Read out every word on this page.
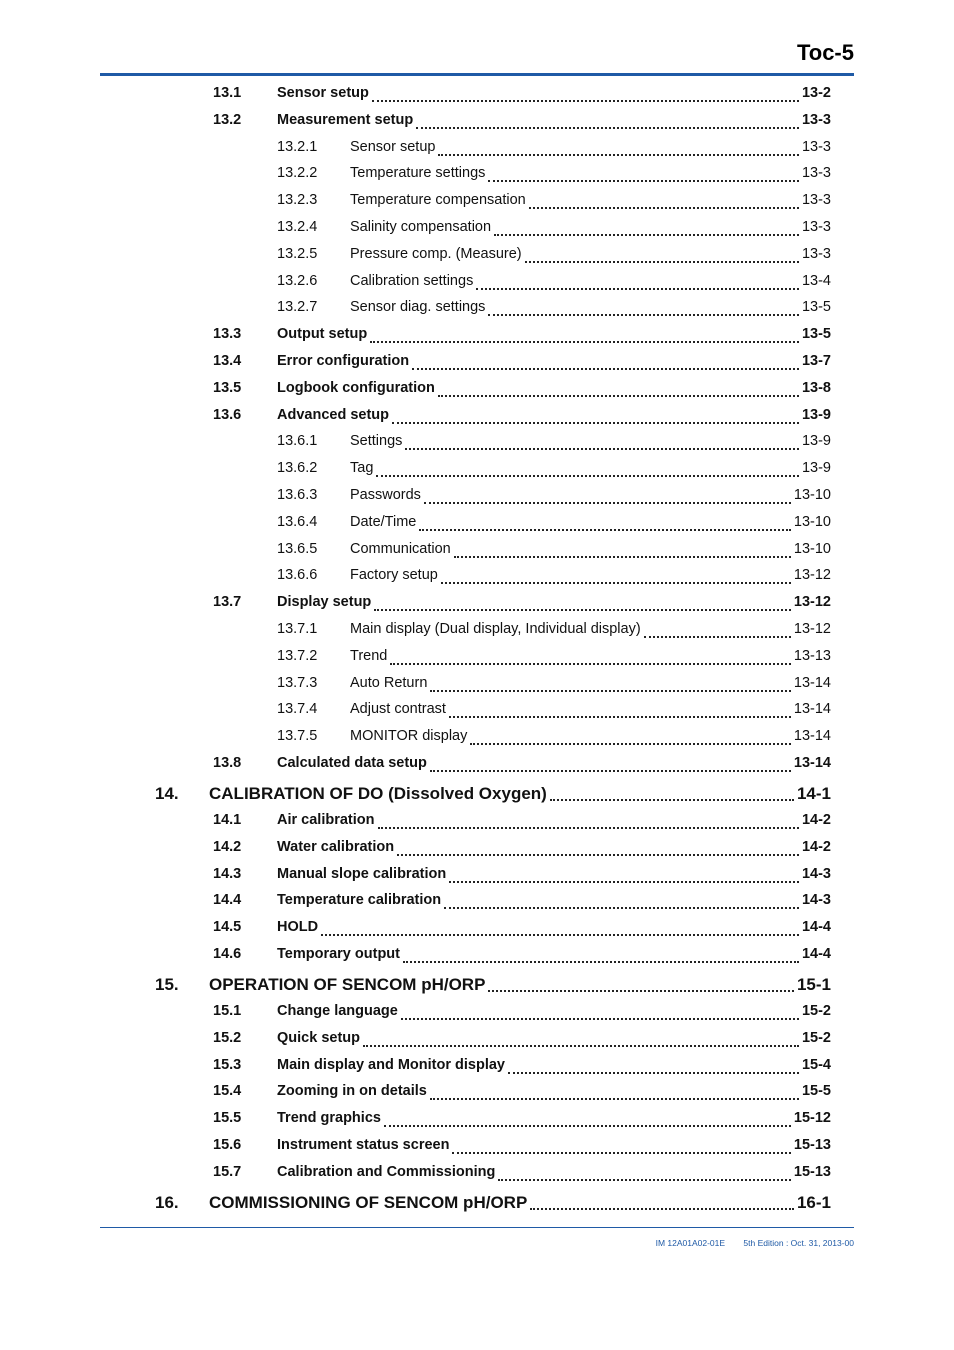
Toc-5
13.1 Sensor setup	13-2
13.2 Measurement setup	13-3
13.2.1 Sensor setup	13-3
13.2.2 Temperature settings	13-3
13.2.3 Temperature compensation	13-3
13.2.4 Salinity compensation	13-3
13.2.5 Pressure comp. (Measure)	13-3
13.2.6 Calibration settings	13-4
13.2.7 Sensor diag. settings	13-5
13.3 Output setup	13-5
13.4 Error configuration	13-7
13.5 Logbook configuration	13-8
13.6 Advanced setup	13-9
13.6.1 Settings	13-9
13.6.2 Tag	13-9
13.6.3 Passwords	13-10
13.6.4 Date/Time	13-10
13.6.5 Communication	13-10
13.6.6 Factory setup	13-12
13.7 Display setup	13-12
13.7.1 Main display (Dual display, Individual display)	13-12
13.7.2 Trend	13-13
13.7.3 Auto Return	13-14
13.7.4 Adjust contrast	13-14
13.7.5 MONITOR display	13-14
13.8 Calculated data setup	13-14
14. CALIBRATION OF DO (Dissolved Oxygen)	14-1
14.1 Air calibration	14-2
14.2 Water calibration	14-2
14.3 Manual slope calibration	14-3
14.4 Temperature calibration	14-3
14.5 HOLD	14-4
14.6 Temporary output	14-4
15. OPERATION OF SENCOM pH/ORP	15-1
15.1 Change language	15-2
15.2 Quick setup	15-2
15.3 Main display and Monitor display	15-4
15.4 Zooming in on details	15-5
15.5 Trend graphics	15-12
15.6 Instrument status screen	15-13
15.7 Calibration and Commissioning	15-13
16. COMMISSIONING OF SENCOM pH/ORP	16-1
IM 12A01A02-01E 5th Edition : Oct. 31, 2013-00
